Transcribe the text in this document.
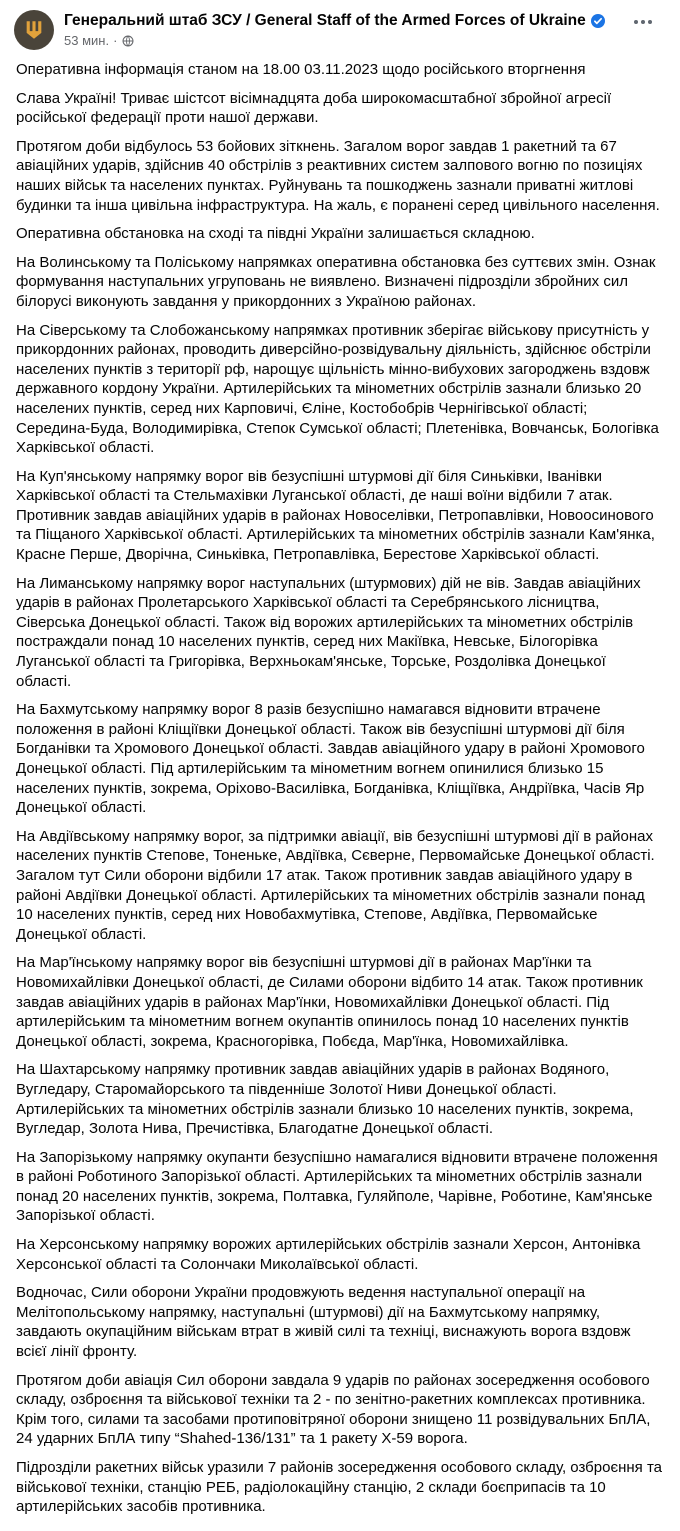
Генеральний штаб ЗСУ / General Staff of the Armed Forces of Ukraine
53 мин. ·

Оперативна інформація станом на 18.00 03.11.2023 щодо російського вторгнення

Слава Україні! Триває шістсот вісімнадцята доба широкомасштабної збройної агресії російської федерації проти нашої держави.

Протягом доби відбулось 53 бойових зіткнень. Загалом ворог завдав 1 ракетний та 67 авіаційних ударів, здійснив 40 обстрілів з реактивних систем залпового вогню по позиціях наших військ та населених пунктах. Руйнувань та пошкоджень зазнали приватні житлові будинки та інша цивільна інфраструктура. На жаль, є поранені серед цивільного населення.

Оперативна обстановка на сході та півдні України залишається складною.

На Волинському та Поліському напрямках оперативна обстановка без суттєвих змін. Ознак формування наступальних угруповань не виявлено. Визначені підрозділи збройних сил білорусі виконують завдання у прикордонних з Україною районах.

На Сіверському та Слобожанському напрямках противник зберігає військову присутність у прикордонних районах, проводить диверсійно-розвідувальну діяльність, здійснює обстріли населених пунктів з території рф, нарощує щільність мінно-вибухових загороджень вздовж державного кордону України. Артилерійських та мінометних обстрілів зазнали близько 20 населених пунктів, серед них Карповичі, Єліне, Костобобрів Чернігівської області; Середина-Буда, Володимирівка, Степок Сумської області; Плетенівка, Вовчанськ, Бологівка Харківської області.

На Куп'янському напрямку ворог вів безуспішні штурмові дії біля Синьківки, Іванівки Харківської області та Стельмахівки Луганської області, де наші воїни відбили 7 атак. Противник завдав авіаційних ударів в районах Новоселівки, Петропавлівки, Новоосинового та Піщаного Харківської області. Артилерійських та мінометних обстрілів зазнали Кам'янка, Красне Перше, Дворічна, Синьківка, Петропавлівка, Берестове Харківської області.

На Лиманському напрямку ворог наступальних (штурмових) дій не вів. Завдав авіаційних ударів в районах Пролетарського Харківської області та Серебрянського лісництва, Сіверська Донецької області. Також від ворожих артилерійських та мінометних обстрілів постраждали понад 10 населених пунктів, серед них Макіївка, Невське, Білогорівка Луганської області та Григорівка, Верхньокам'янське, Торське, Роздолівка Донецької області.

На Бахмутському напрямку ворог 8 разів безуспішно намагався відновити втрачене положення в районі Кліщіївки Донецької області. Також вів безуспішні штурмові дії біля Богданівки та Хромового Донецької області. Завдав авіаційного удару в районі Хромового Донецької області. Під артилерійським та мінометним вогнем опинилися близько 15 населених пунктів, зокрема, Оріхово-Василівка, Богданівка, Кліщіївка, Андріївка, Часів Яр Донецької області.

На Авдіївському напрямку ворог, за підтримки авіації, вів безуспішні штурмові дії в районах населених пунктів Степове, Тоненьке, Авдіївка, Сєверне, Первомайське Донецької області. Загалом тут Сили оборони відбили 17 атак. Також противник завдав авіаційного удару в районі Авдіївки Донецької області. Артилерійських та мінометних обстрілів зазнали понад 10 населених пунктів, серед них Новобахмутівка, Степове, Авдіївка, Первомайське Донецької області.

На Мар'їнському напрямку ворог вів безуспішні штурмові дії в районах Мар'їнки та Новомихайлівки Донецької області, де Силами оборони відбито 14 атак. Також противник завдав авіаційних ударів в районах Мар'їнки, Новомихайлівки Донецької області. Під артилерійським та мінометним вогнем окупантів опинилось понад 10 населених пунктів Донецької області, зокрема, Красногорівка, Побєда, Мар'їнка, Новомихайлівка.

На Шахтарському напрямку противник завдав авіаційних ударів в районах Водяного, Вугледару, Старомайорського та південніше Золотої Ниви Донецької області. Артилерійських та мінометних обстрілів зазнали близько 10 населених пунктів, зокрема, Вугледар, Золота Нива, Пречистівка, Благодатне Донецької області.

На Запорізькому напрямку окупанти безуспішно намагалися відновити втрачене положення в районі Роботиного Запорізької області. Артилерійських та мінометних обстрілів зазнали понад 20 населених пунктів, зокрема, Полтавка, Гуляйполе, Чарівне, Роботине, Кам'янське Запорізької області.

На Херсонському напрямку ворожих артилерійських обстрілів зазнали Херсон, Антонівка Херсонської області та Солончаки Миколаївської області.

Водночас, Сили оборони України продовжують ведення наступальної операції на Мелітопольському напрямку, наступальні (штурмові) дії на Бахмутському напрямку, завдають окупаційним військам втрат в живій силі та техніці, виснажують ворога вздовж всієї лінії фронту.

Протягом доби авіація Сил оборони завдала 9 ударів по районах зосередження особового складу, озброєння та військової техніки та 2 - по зенітно-ракетних комплексах противника. Крім того, силами та засобами протиповітряної оборони знищено 11 розвідувальних БпЛА, 24 ударних БпЛА типу “Shahed-136/131” та 1 ракету Х-59 ворога.

Підрозділи ракетних військ уразили 7 районів зосередження особового складу, озброєння та військової техніки, станцію РЕБ, радіолокаційну станцію, 2 склади боєприпасів та 10 артилерійських засобів противника.
